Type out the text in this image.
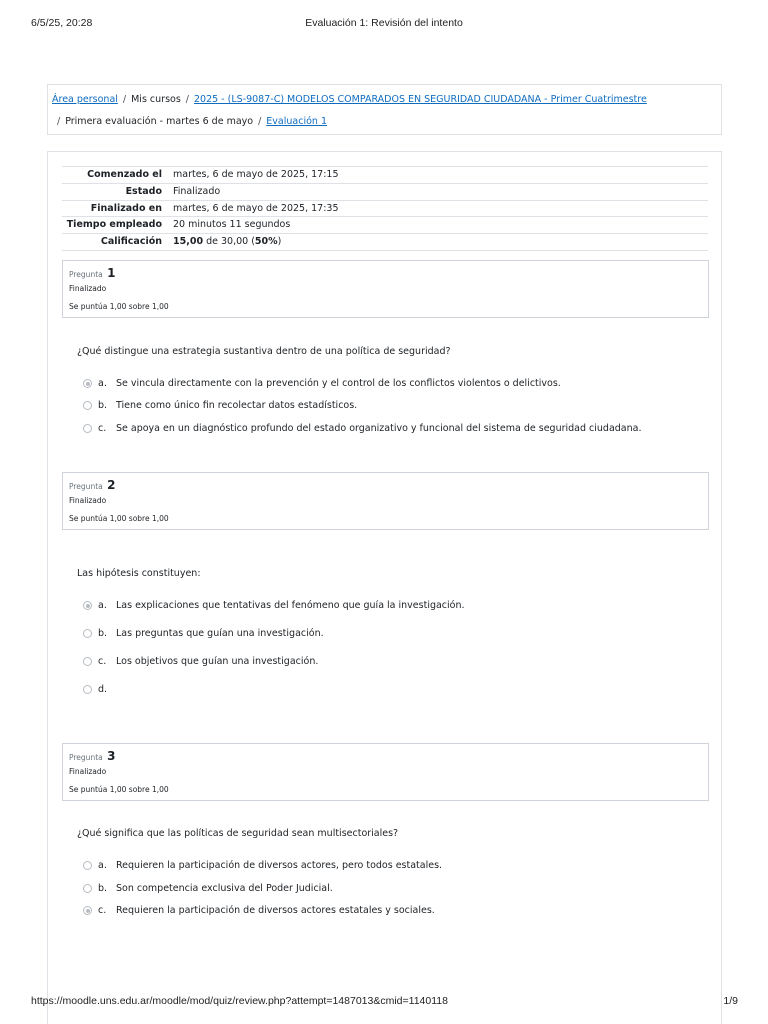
6/5/25, 20:28	Evaluación 1: Revisión del intento
Área personal / Mis cursos / 2025 - (LS-9087-C) MODELOS COMPARADOS EN SEGURIDAD CIUDADANA - Primer Cuatrimestre
/ Primera evaluación - martes 6 de mayo / Evaluación 1
Comenzado el martes, 6 de mayo de 2025, 17:15
Estado Finalizado
Finalizado en martes, 6 de mayo de 2025, 17:35
Tiempo empleado 20 minutos 11 segundos
Calificación 15,00 de 30,00 (50%)
Pregunta 1
Finalizado
Se puntúa 1,00 sobre 1,00
¿Qué distingue una estrategia sustantiva dentro de una política de seguridad?
a. Se vincula directamente con la prevención y el control de los conflictos violentos o delictivos.
b. Tiene como único fin recolectar datos estadísticos.
c. Se apoya en un diagnóstico profundo del estado organizativo y funcional del sistema de seguridad ciudadana.
Pregunta 2
Finalizado
Se puntúa 1,00 sobre 1,00
Las hipótesis constituyen:
a. Las explicaciones que tentativas del fenómeno que guía la investigación.
b. Las preguntas que guían una investigación.
c. Los objetivos que guían una investigación.
d.
Pregunta 3
Finalizado
Se puntúa 1,00 sobre 1,00
¿Qué significa que las políticas de seguridad sean multisectoriales?
a. Requieren la participación de diversos actores, pero todos estatales.
b. Son competencia exclusiva del Poder Judicial.
c. Requieren la participación de diversos actores estatales y sociales.
https://moodle.uns.edu.ar/moodle/mod/quiz/review.php?attempt=1487013&cmid=1140118	1/9
